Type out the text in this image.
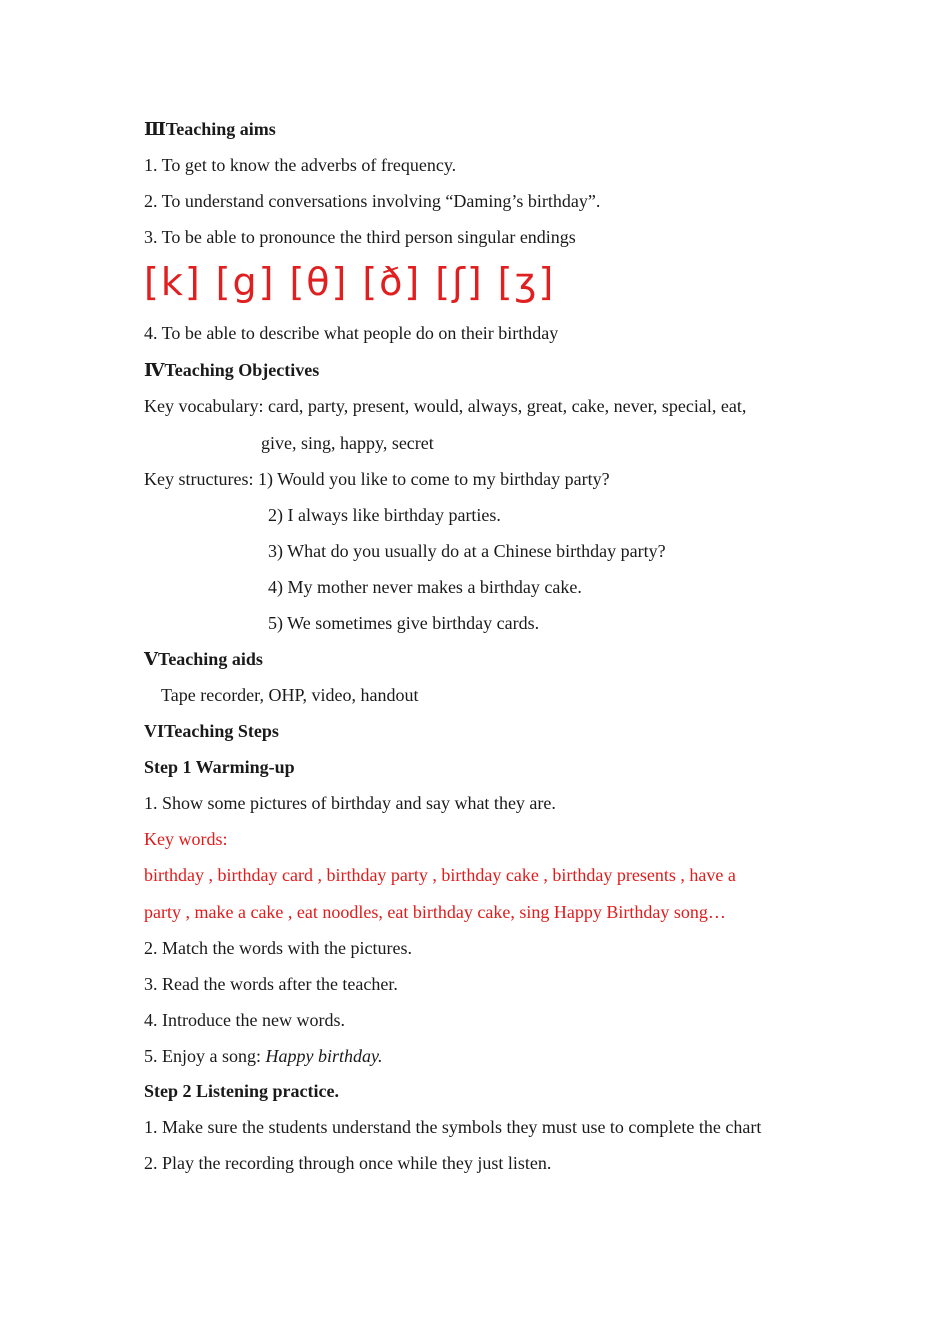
ⅢTeaching aims
1. To get to know the adverbs of frequency.
2. To understand conversations involving “Daming’s birthday”.
3. To be able to pronounce the third person singular endings
[k] [g] [θ] [ð] [ʃ] [ʒ]
4. To be able to describe what people do on their birthday
ⅣTeaching Objectives
Key vocabulary: card, party, present, would, always, great, cake, never, special, eat,
give, sing, happy, secret
Key structures: 1) Would you like to come to my birthday party?
2) I always like birthday parties.
3) What do you usually do at a Chinese birthday party?
4) My mother never makes a birthday cake.
5) We sometimes give birthday cards.
ⅤTeaching aids
Tape recorder, OHP, video, handout
VITeaching Steps
Step 1 Warming-up
1. Show some pictures of birthday and say what they are.
Key words:
birthday , birthday card , birthday party , birthday cake , birthday presents , have a
party , make a cake , eat noodles, eat birthday cake, sing Happy Birthday song…
2. Match the words with the pictures.
3. Read the words after the teacher.
4. Introduce the new words.
5. Enjoy a song: Happy birthday.
Step 2 Listening practice.
1. Make sure the students understand the symbols they must use to complete the chart
2. Play the recording through once while they just listen.
